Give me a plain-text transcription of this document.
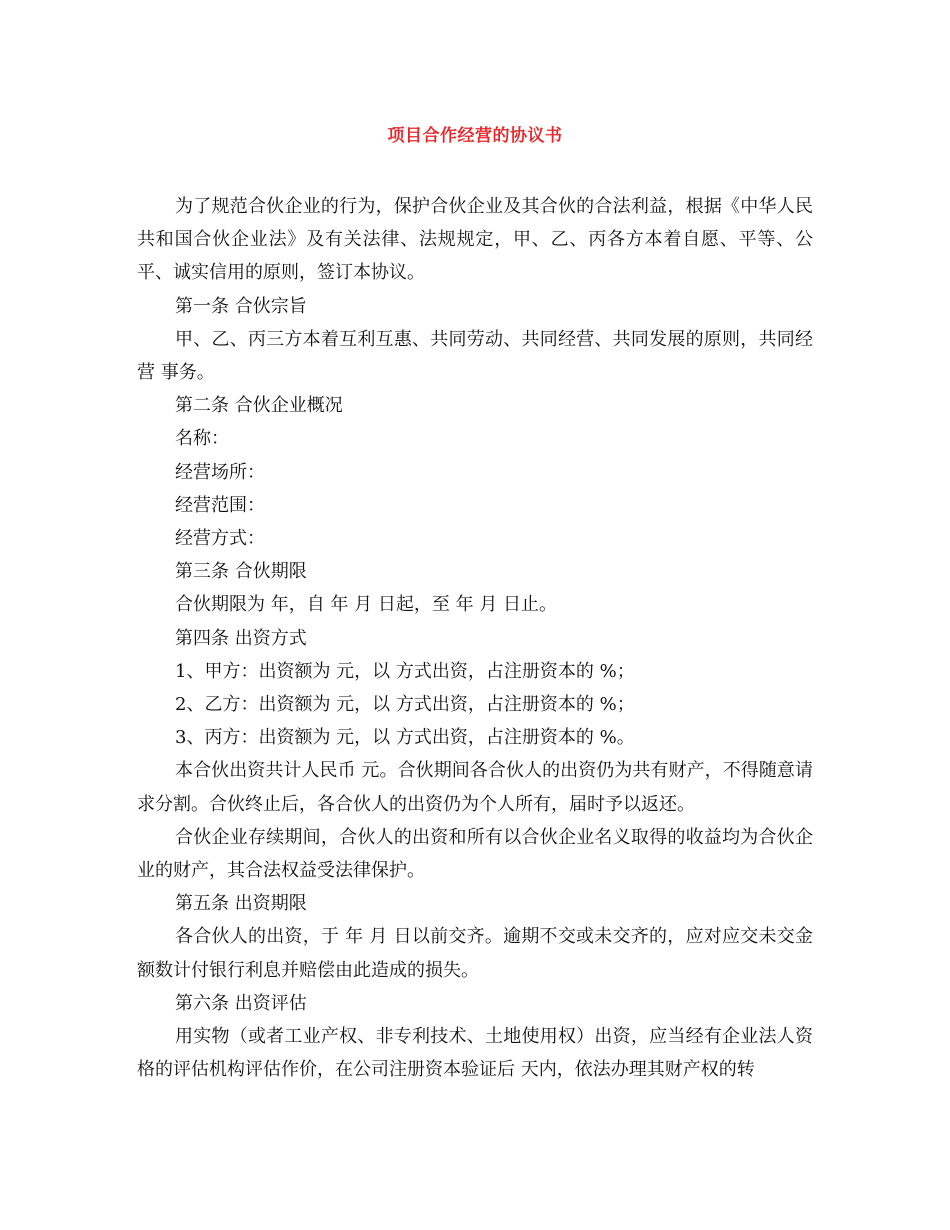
项目合作经营的协议书

为了规范合伙企业的行为，保护合伙企业及其合伙的合法利益，根据《中华人民共和国合伙企业法》及有关法律、法规规定，甲、乙、丙各方本着自愿、平等、公平、诚实信用的原则，签订本协议。

第一条 合伙宗旨

甲、乙、丙三方本着互利互惠、共同劳动、共同经营、共同发展的原则，共同经营 事务。

第二条 合伙企业概况

名称：

经营场所：

经营范围：

经营方式：

第三条 合伙期限

合伙期限为 年，自 年 月 日起，至 年 月 日止。

第四条 出资方式

1、甲方：出资额为 元，以 方式出资，占注册资本的 %；

2、乙方：出资额为 元，以 方式出资，占注册资本的 %；

3、丙方：出资额为 元，以 方式出资，占注册资本的 %。

本合伙出资共计人民币 元。合伙期间各合伙人的出资仍为共有财产，不得随意请求分割。合伙终止后，各合伙人的出资仍为个人所有，届时予以返还。

合伙企业存续期间，合伙人的出资和所有以合伙企业名义取得的收益均为合伙企业的财产，其合法权益受法律保护。

第五条 出资期限

各合伙人的出资，于 年 月 日以前交齐。逾期不交或未交齐的，应对应交未交金额数计付银行利息并赔偿由此造成的损失。

第六条 出资评估

用实物（或者工业产权、非专利技术、土地使用权）出资，应当经有企业法人资格的评估机构评估作价，在公司注册资本验证后 天内，依法办理其财产权的转
